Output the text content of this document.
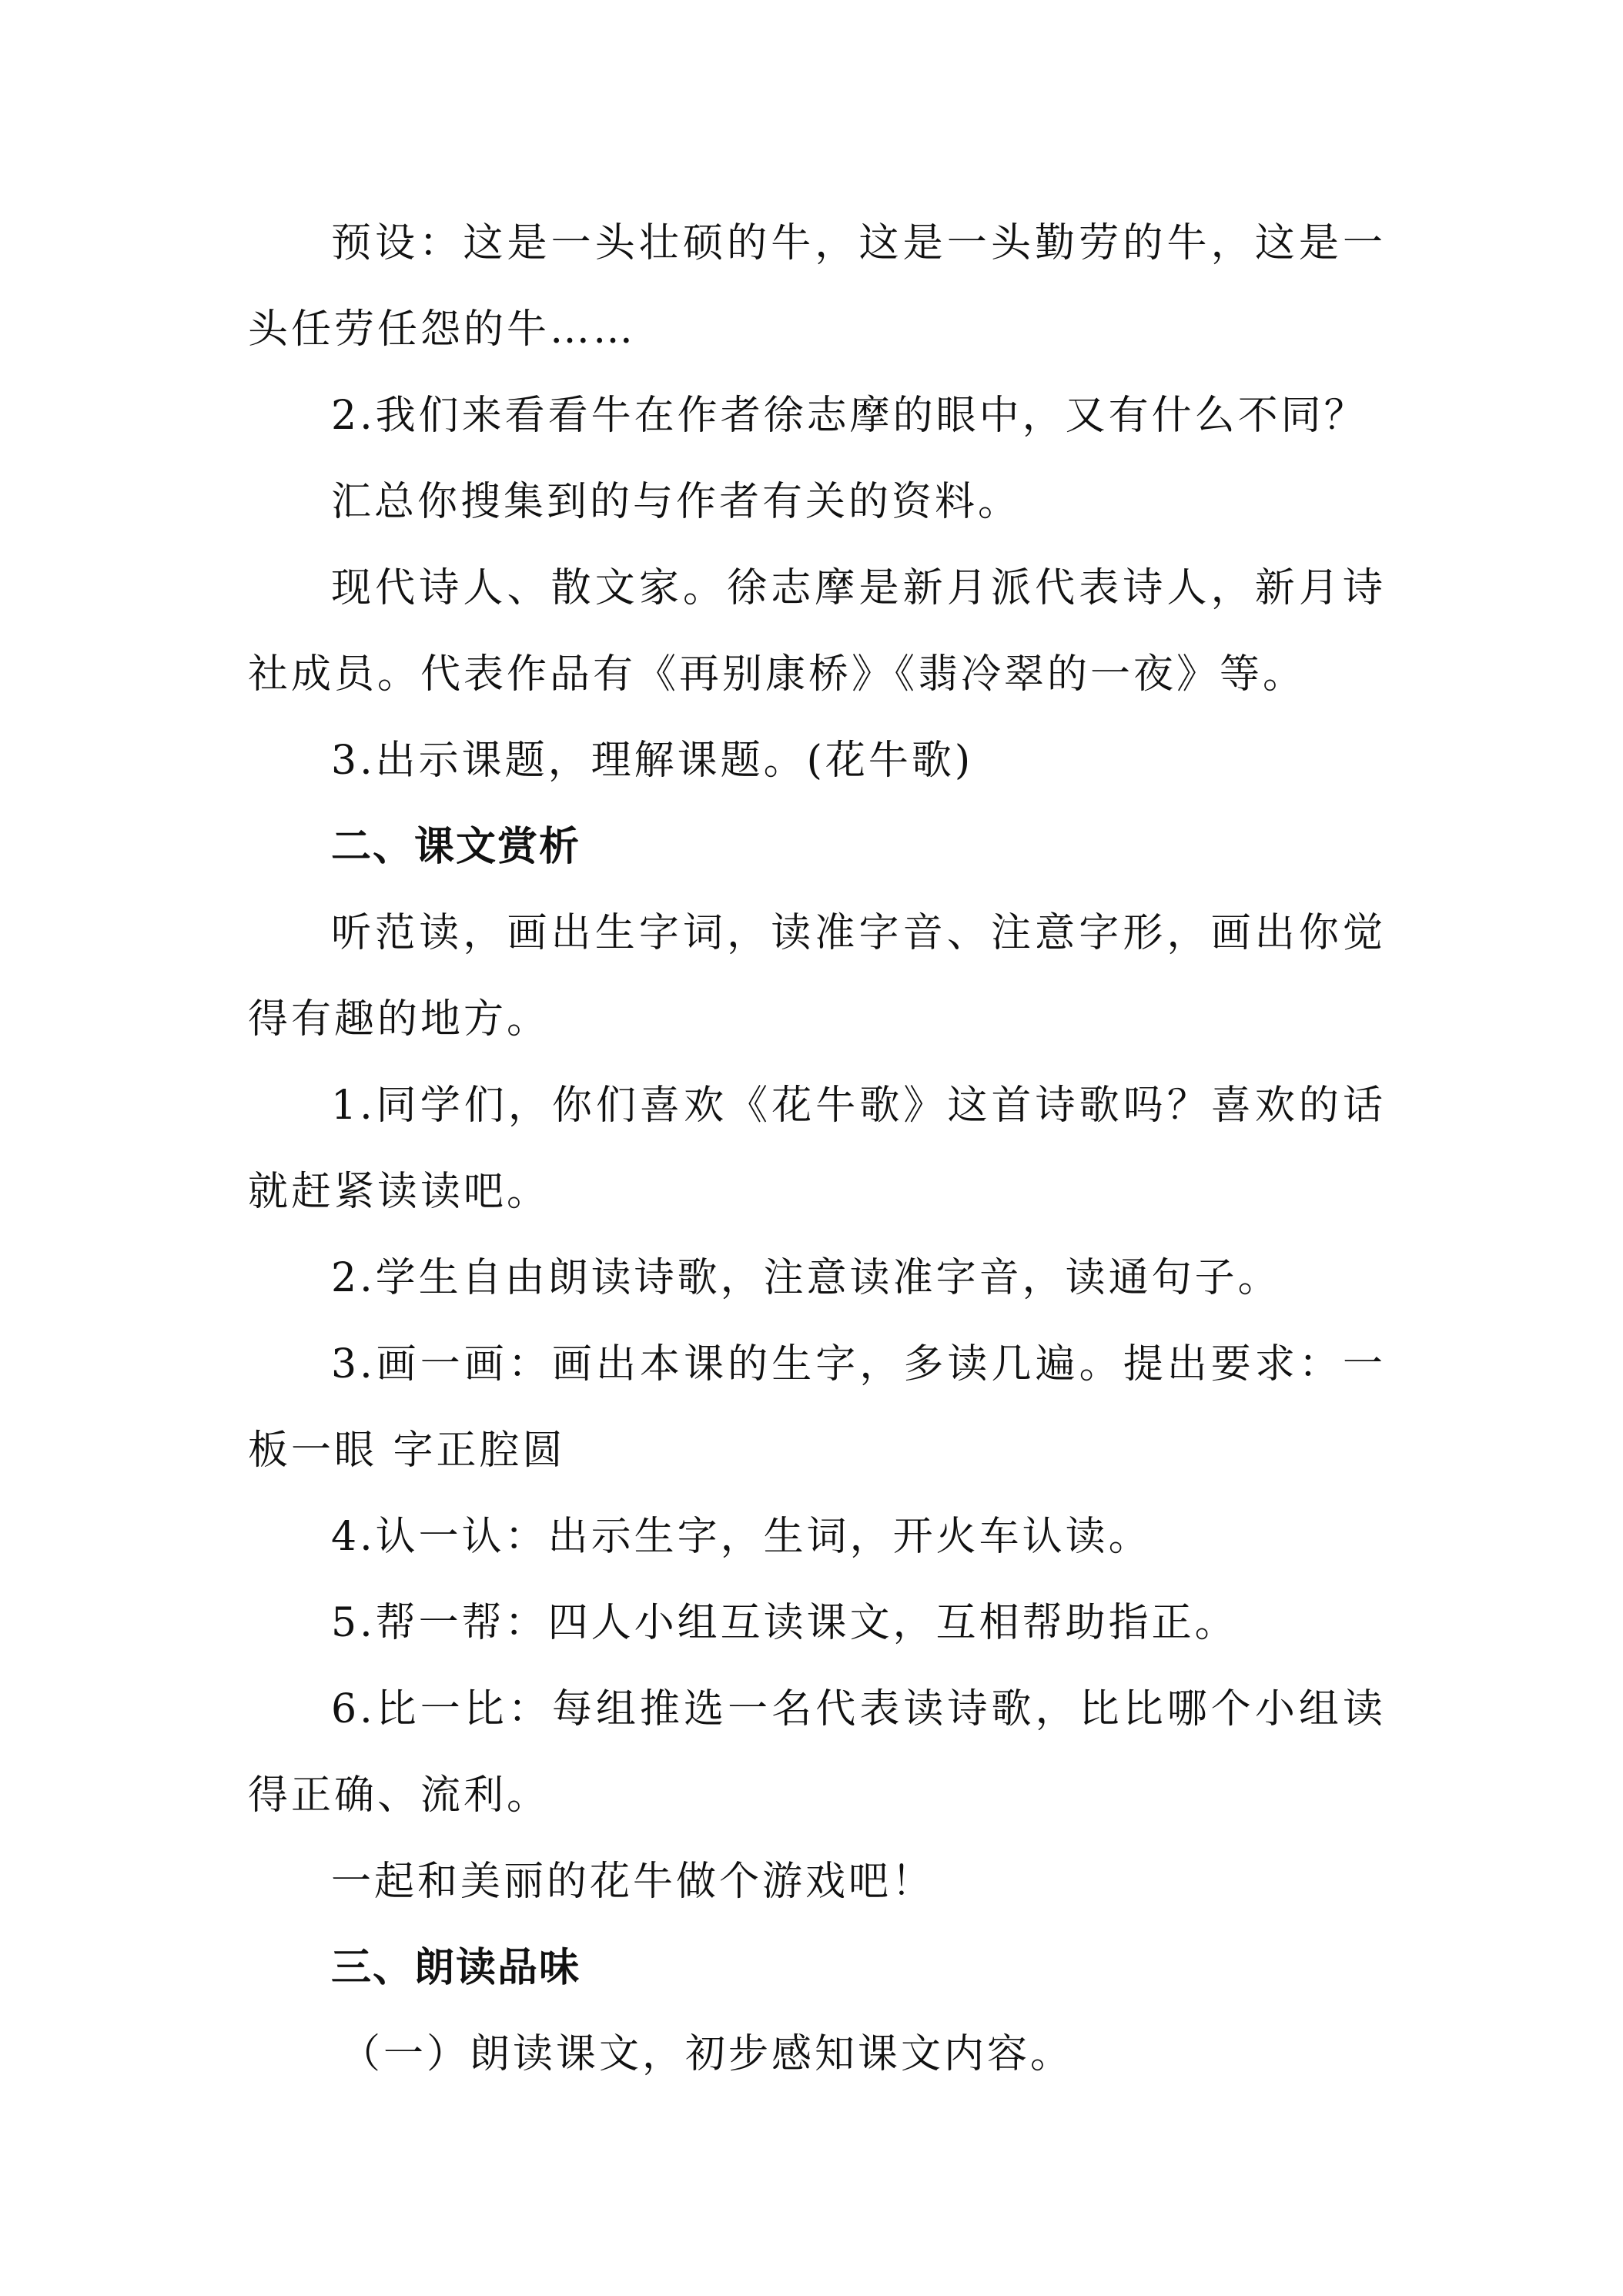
预设：这是一头壮硕的牛，这是一头勤劳的牛，这是一头任劳任怨的牛……

2.我们来看看牛在作者徐志摩的眼中，又有什么不同？

汇总你搜集到的与作者有关的资料。

现代诗人、散文家。徐志摩是新月派代表诗人，新月诗社成员。代表作品有《再别康桥》《翡冷翠的一夜》等。

3.出示课题，理解课题。(花牛歌)

二、课文赏析

听范读，画出生字词，读准字音、注意字形，画出你觉得有趣的地方。

1.同学们，你们喜欢《花牛歌》这首诗歌吗？喜欢的话就赶紧读读吧。

2.学生自由朗读诗歌，注意读准字音，读通句子。

3.画一画：画出本课的生字，多读几遍。提出要求：一板一眼 字正腔圆

4.认一认：出示生字，生词，开火车认读。

5.帮一帮：四人小组互读课文，互相帮助指正。

6.比一比：每组推选一名代表读诗歌，比比哪个小组读得正确、流利。

一起和美丽的花牛做个游戏吧！

三、朗读品味

（一）朗读课文，初步感知课文内容。
